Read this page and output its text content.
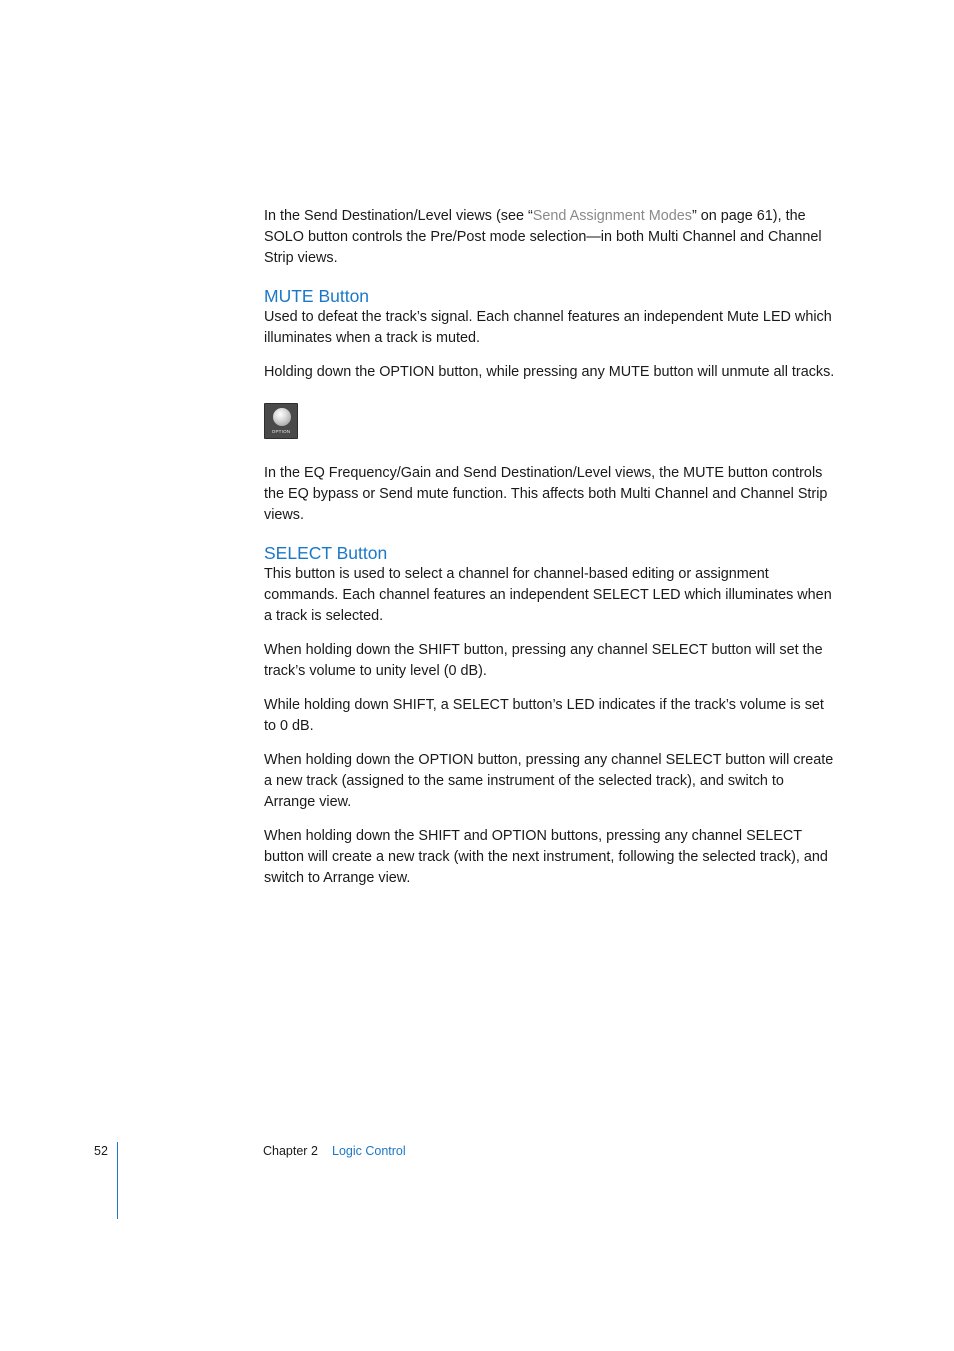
In the Send Destination/Level views (see “Send Assignment Modes” on page 61), the SOLO button controls the Pre/Post mode selection—in both Multi Channel and Channel Strip views.

MUTE Button

Used to defeat the track’s signal. Each channel features an independent Mute LED which illuminates when a track is muted.

Holding down the OPTION button, while pressing any MUTE button will unmute all tracks.

OPTION

In the EQ Frequency/Gain and Send Destination/Level views, the MUTE button controls the EQ bypass or Send mute function. This affects both Multi Channel and Channel Strip views.

SELECT Button

This button is used to select a channel for channel-based editing or assignment commands. Each channel features an independent SELECT LED which illuminates when a track is selected.

When holding down the SHIFT button, pressing any channel SELECT button will set the track’s volume to unity level (0 dB).

While holding down SHIFT, a SELECT button’s LED indicates if the track’s volume is set to 0 dB.

When holding down the OPTION button, pressing any channel SELECT button will create a new track (assigned to the same instrument of the selected track), and switch to Arrange view.

When holding down the SHIFT and OPTION buttons, pressing any channel SELECT button will create a new track (with the next instrument, following the selected track), and switch to Arrange view.

52	Chapter 2 Logic Control
